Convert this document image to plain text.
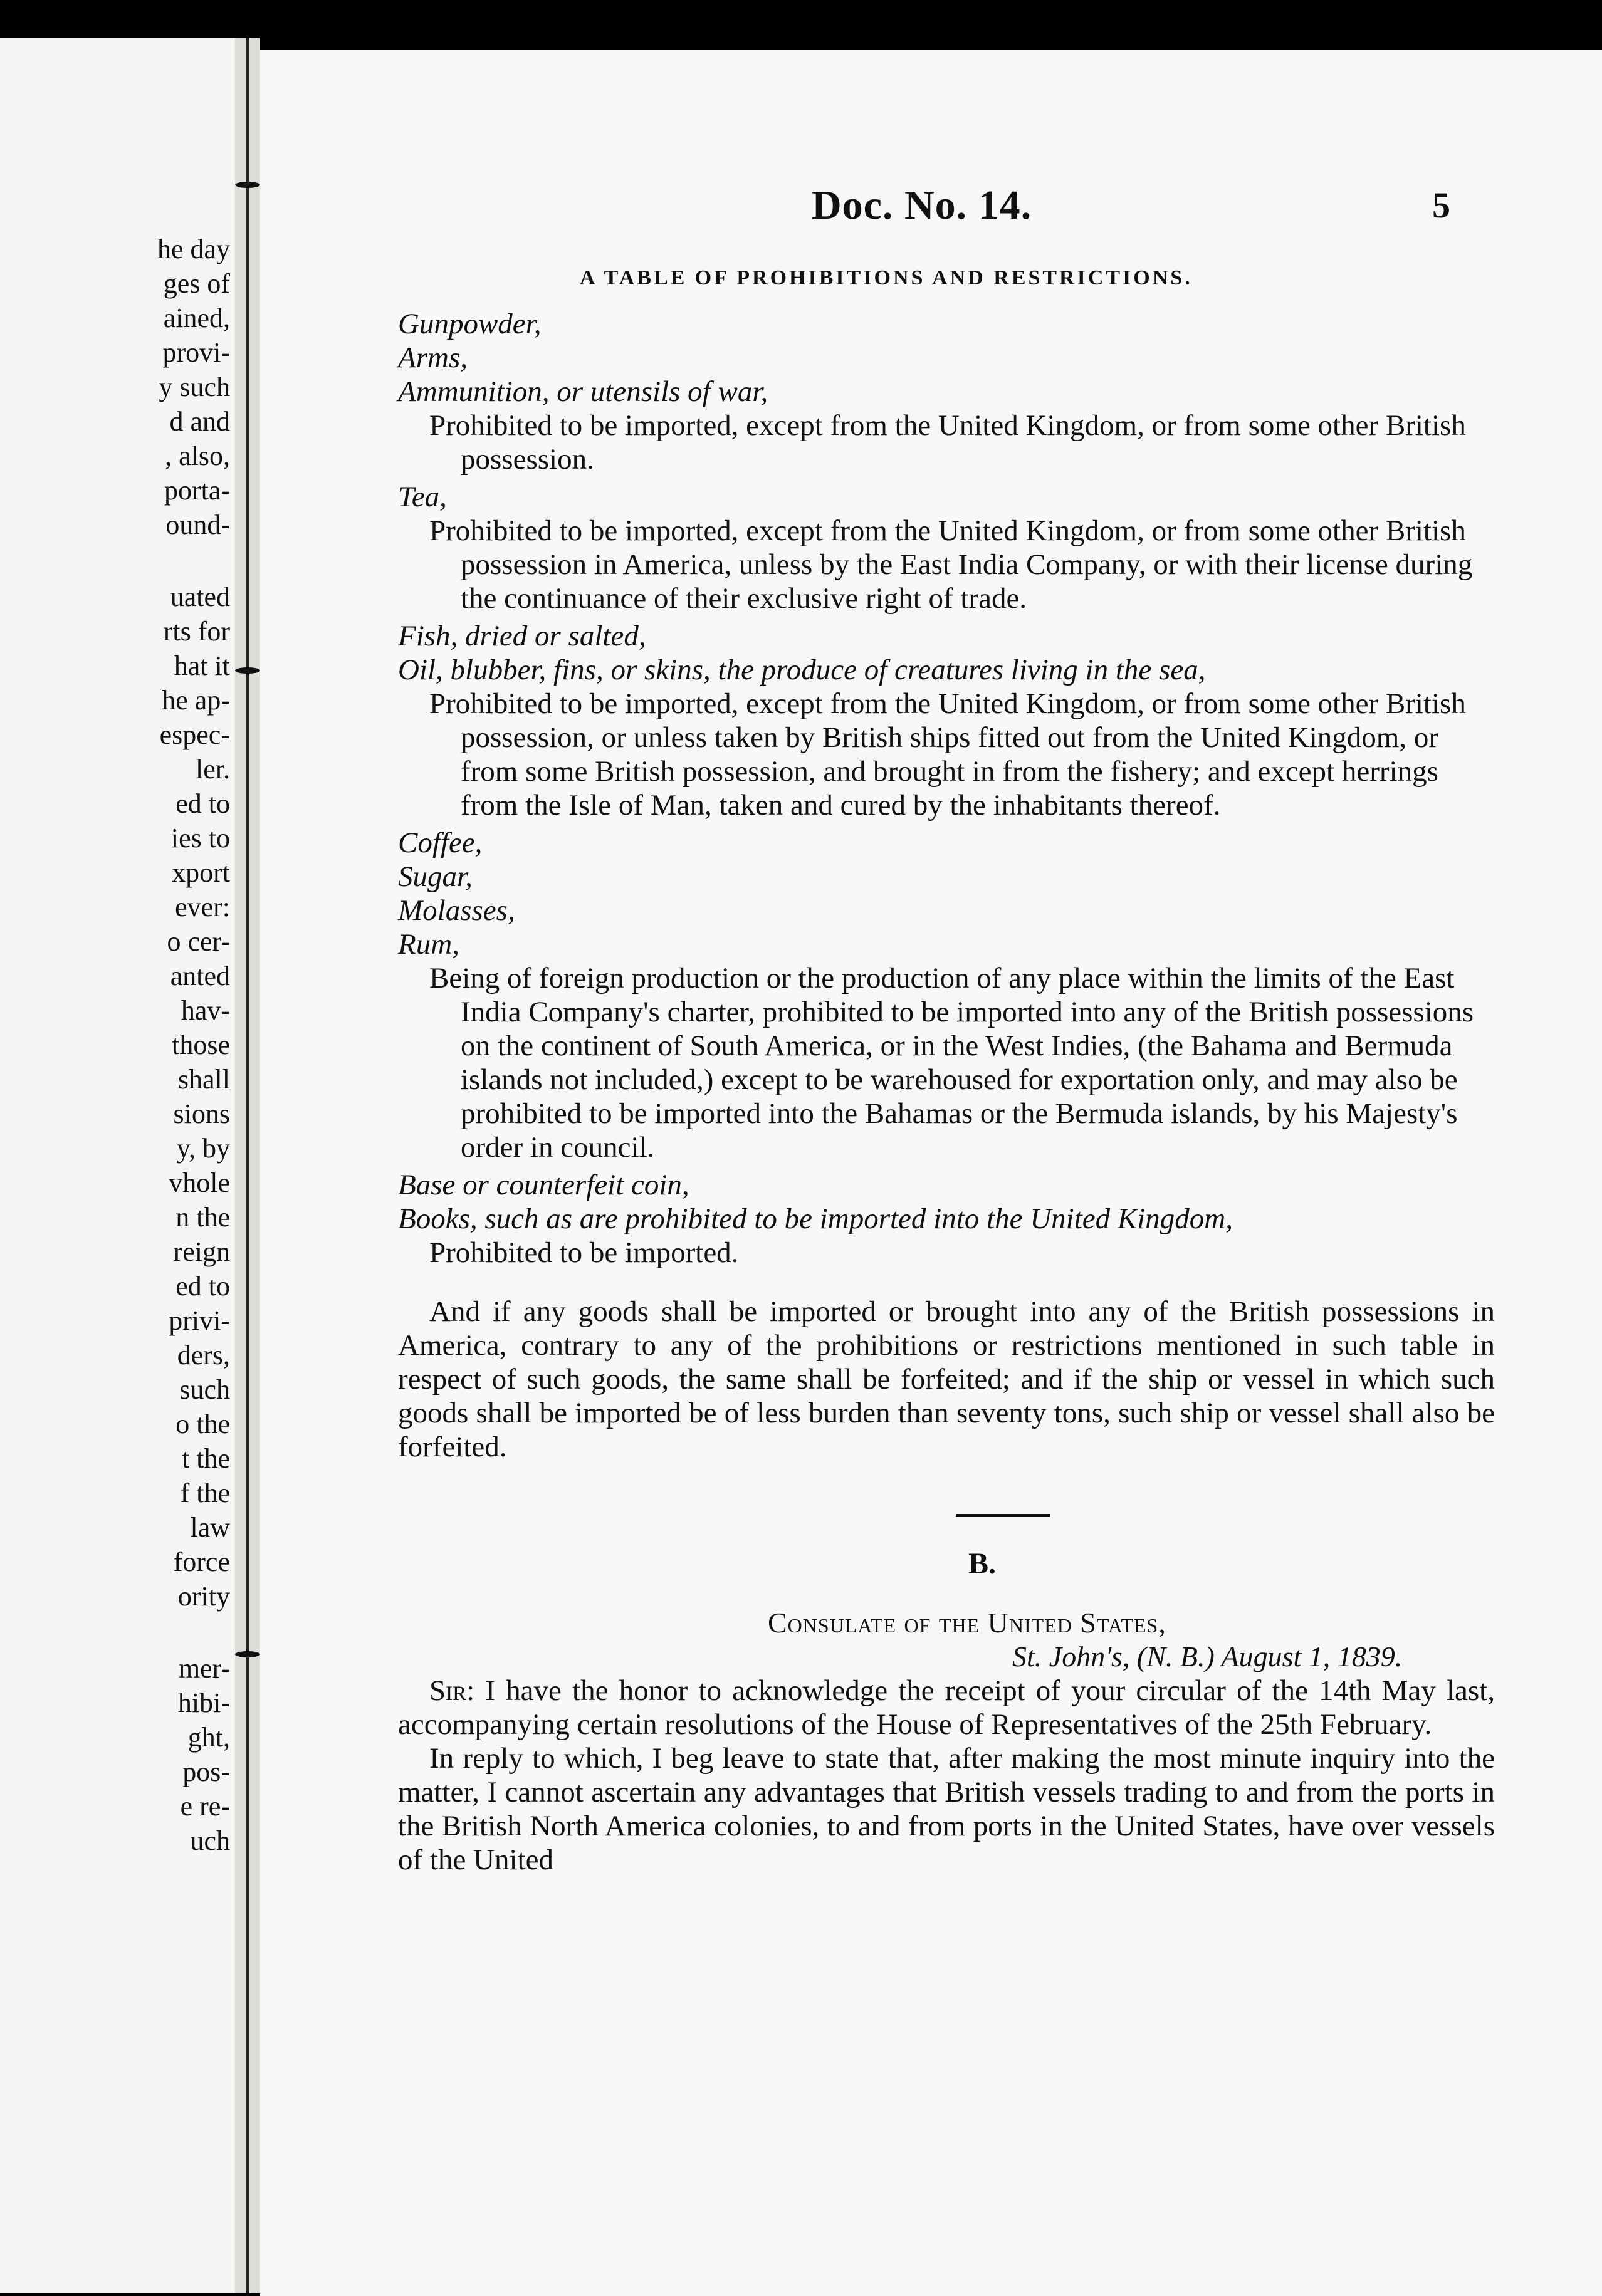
he day
ges of
ained,
provi-
y such
d and
, also,
porta-
ound-

uated
rts for
hat it
he ap-
espec-
ler.
ed to
ies to
xport
ever:
o cer-
anted
hav-
those
shall
sions
y, by
vhole
n the
reign
ed to
privi-
ders,
such
o the
t the
f the
law
force
ority

mer-
hibi-
ght,
pos-
e re-
uch
Doc. No. 14.	5
A TABLE OF PROHIBITIONS AND RESTRICTIONS.

Gunpowder,

Arms,

Ammunition, or utensils of war,

Prohibited to be imported, except from the United Kingdom, or from some other British possession.

Tea,

Prohibited to be imported, except from the United Kingdom, or from some other British possession in America, unless by the East India Company, or with their license during the continuance of their exclusive right of trade.

Fish, dried or salted,

Oil, blubber, fins, or skins, the produce of creatures living in the sea,

Prohibited to be imported, except from the United Kingdom, or from some other British possession, or unless taken by British ships fitted out from the United Kingdom, or from some British possession, and brought in from the fishery; and except herrings from the Isle of Man, taken and cured by the inhabitants thereof.

Coffee,

Sugar,

Molasses,

Rum,

Being of foreign production or the production of any place within the limits of the East India Company's charter, prohibited to be imported into any of the British possessions on the continent of South America, or in the West Indies, (the Bahama and Bermuda islands not included,) except to be warehoused for exportation only, and may also be prohibited to be imported into the Bahamas or the Bermuda islands, by his Majesty's order in council.

Base or counterfeit coin,

Books, such as are prohibited to be imported into the United Kingdom,

Prohibited to be imported.

And if any goods shall be imported or brought into any of the British possessions in America, contrary to any of the prohibitions or restrictions mentioned in such table in respect of such goods, the same shall be forfeited; and if the ship or vessel in which such goods shall be imported be of less burden than seventy tons, such ship or vessel shall also be forfeited.

B.
Consulate of the United States,
St. John's, (N. B.) August 1, 1839.

Sir: I have the honor to acknowledge the receipt of your circular of the 14th May last, accompanying certain resolutions of the House of Representatives of the 25th February.

In reply to which, I beg leave to state that, after making the most minute inquiry into the matter, I cannot ascertain any advantages that British vessels trading to and from the ports in the British North America colonies, to and from ports in the United States, have over vessels of the United
